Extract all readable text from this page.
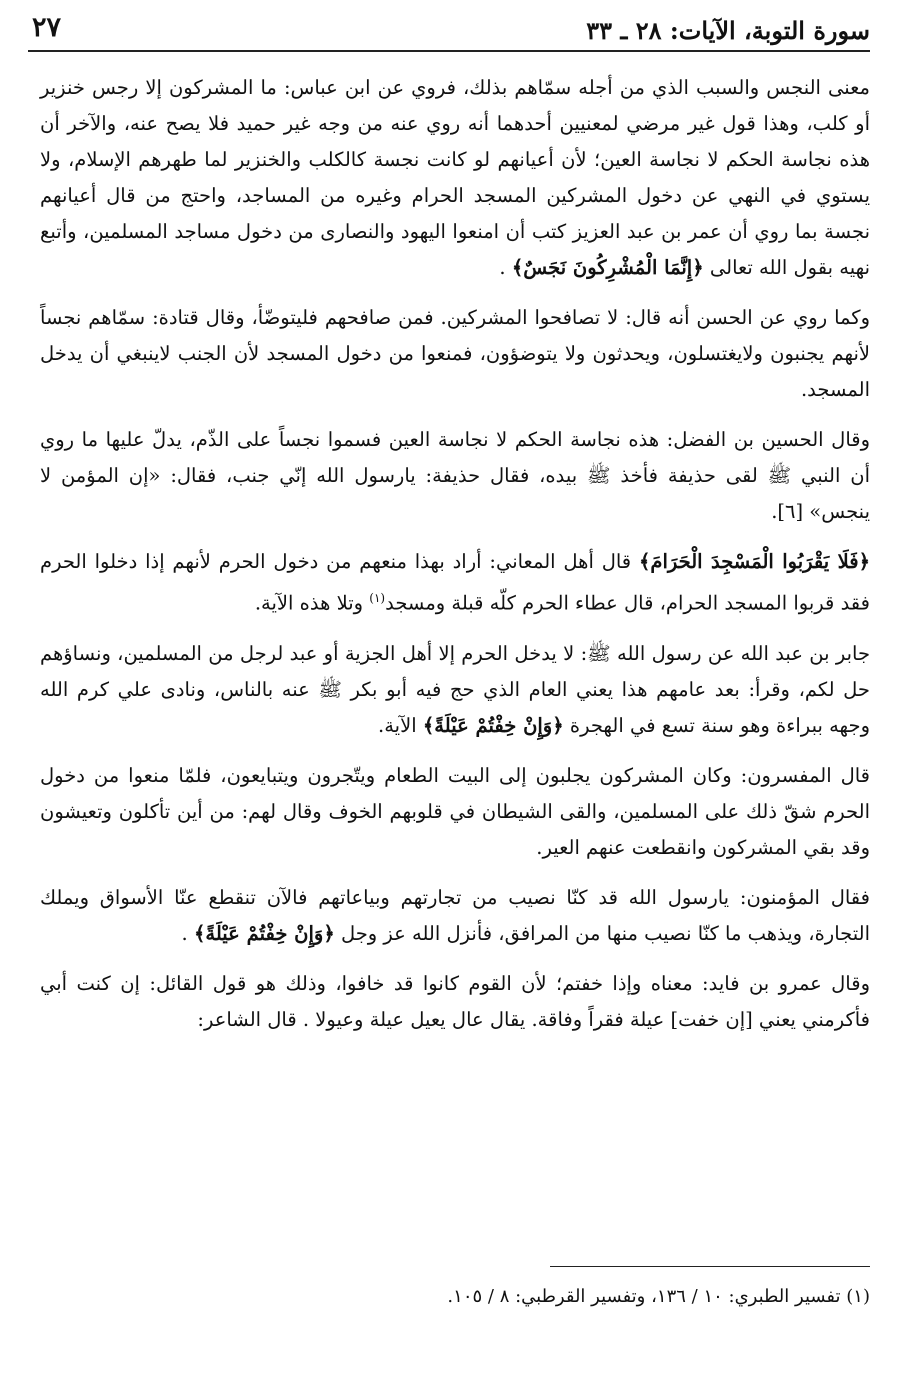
سورة التوبة، الآيات: ٢٨ ـ ٣٣
٢٧

معنى النجس والسبب الذي من أجله سمّاهم بذلك، فروي عن ابن عباس: ما المشركون إلا رجس خنزير أو كلب، وهذا قول غير مرضي لمعنيين أحدهما أنه روي عنه من وجه غير حميد فلا يصح عنه، والآخر أن هذه نجاسة الحكم لا نجاسة العين؛ لأن أعيانهم لو كانت نجسة كالكلب والخنزير لما طهرهم الإسلام، ولا يستوي في النهي عن دخول المشركين المسجد الحرام وغيره من المساجد، واحتج من قال أعيانهم نجسة بما روي أن عمر بن عبد العزيز كتب أن امنعوا اليهود والنصارى من دخول مساجد المسلمين، وأتبع نهيه بقول الله تعالى ﴿إِنَّمَا الْمُشْرِكُونَ نَجَسٌ﴾ .

وكما روي عن الحسن أنه قال: لا تصافحوا المشركين. فمن صافحهم فليتوضّأ، وقال قتادة: سمّاهم نجساً لأنهم يجنبون ولايغتسلون، ويحدثون ولا يتوضؤون، فمنعوا من دخول المسجد لأن الجنب لاينبغي أن يدخل المسجد.

وقال الحسين بن الفضل: هذه نجاسة الحكم لا نجاسة العين فسموا نجساً على الذّم، يدلّ عليها ما روي أن النبي ﷺ لقى حذيفة فأخذ ﷺ بيده، فقال حذيفة: يارسول الله إنّي جنب، فقال: «إن المؤمن لا ينجس» [٦].

﴿فَلَا يَقْرَبُوا الْمَسْجِدَ الْحَرَامَ﴾ قال أهل المعاني: أراد بهذا منعهم من دخول الحرم لأنهم إذا دخلوا الحرم فقد قربوا المسجد الحرام، قال عطاء الحرم كلّه قبلة ومسجد$^{(١)}$ وتلا هذه الآية.

جابر بن عبد الله عن رسول الله ﷺ: لا يدخل الحرم إلا أهل الجزية أو عبد لرجل من المسلمين، ونساؤهم حل لكم، وقرأ: بعد عامهم هذا يعني العام الذي حج فيه أبو بكر ﷺ عنه بالناس، ونادى علي كرم الله وجهه ببراءة وهو سنة تسع في الهجرة ﴿وَإِنْ خِفْتُمْ عَيْلَةً﴾ الآية.

قال المفسرون: وكان المشركون يجلبون إلى البيت الطعام ويتّجرون ويتبايعون، فلمّا منعوا من دخول الحرم شقّ ذلك على المسلمين، والقى الشيطان في قلوبهم الخوف وقال لهم: من أين تأكلون وتعيشون وقد بقي المشركون وانقطعت عنهم العير.

فقال المؤمنون: يارسول الله قد كنّا نصيب من تجارتهم وبياعاتهم فالآن تنقطع عنّا الأسواق ويملك التجارة، ويذهب ما كنّا نصيب منها من المرافق، فأنزل الله عز وجل ﴿وَإِنْ خِفْتُمْ عَيْلَةً﴾ .

وقال عمرو بن فايد: معناه وإذا خفتم؛ لأن القوم كانوا قد خافوا، وذلك هو قول القائل: إن كنت أبي فأكرمني يعني [إن خفت] عيلة فقراً وفاقة. يقال عال يعيل عيلة وعيولا . قال الشاعر:

(١) تفسير الطبري: ١٠ / ١٣٦، وتفسير القرطبي: ٨ / ١٠٥.
